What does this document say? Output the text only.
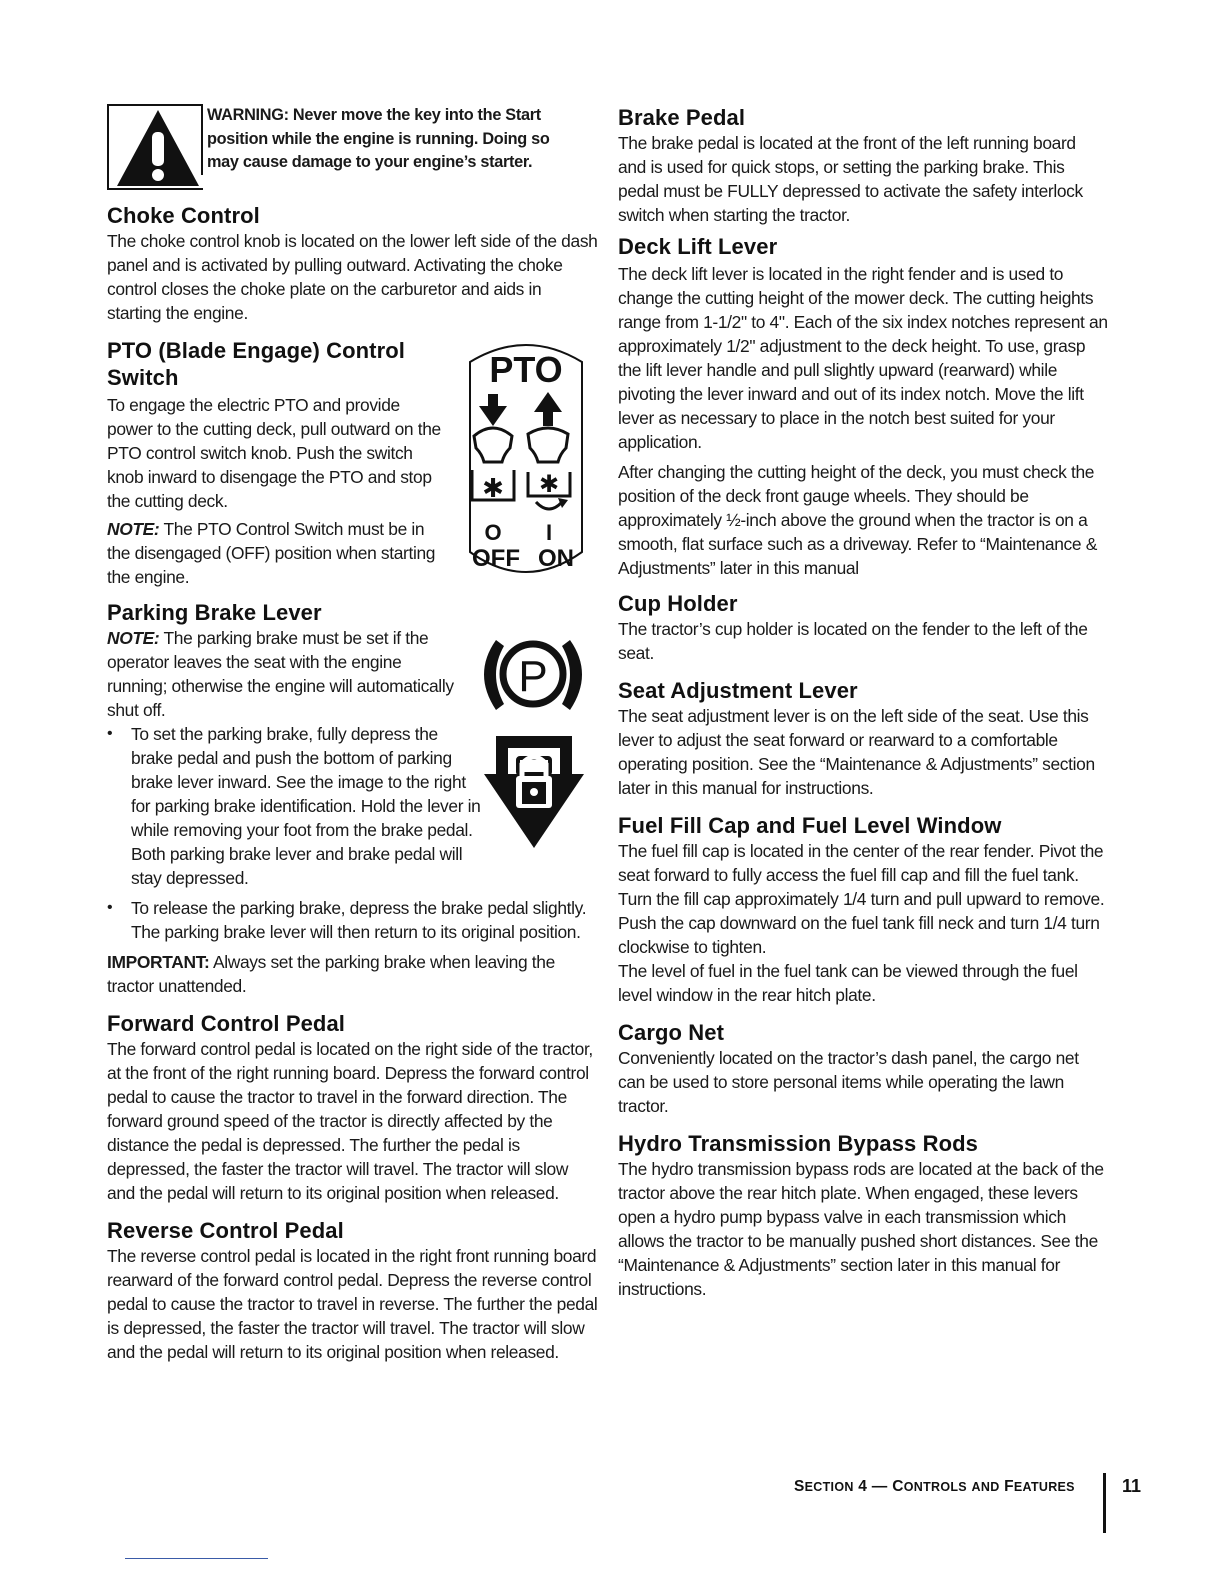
WARNING: Never move the key into the Start
position while the engine is running. Doing so
may cause damage to your engine’s starter.
Choke Control

The choke control knob is located on the lower left side of the dash panel and is activated by pulling outward. Activating the choke control closes the choke plate on the carburetor and aids in starting the engine.

PTO (Blade Engage) Control
Switch

To engage the electric PTO and provide power to the cutting deck, pull outward on the PTO control switch knob. Push the switch knob inward to disengage the PTO and stop the cutting deck.

NOTE: The PTO Control Switch must be in the disengaged (OFF) position when starting the engine.

Parking Brake Lever

NOTE: The parking brake must be set if the operator leaves the seat with the engine running; otherwise the engine will automatically shut off.

• To set the parking brake, fully depress the brake pedal and push the bottom of parking brake lever inward. See the image to the right for parking brake identification. Hold the lever in while removing your foot from the brake pedal. Both parking brake lever and brake pedal will stay depressed.

• To release the parking brake, depress the brake pedal slightly. The parking brake lever will then return to its original position.

IMPORTANT: Always set the parking brake when leaving the tractor unattended.

Forward Control Pedal

The forward control pedal is located on the right side of the tractor, at the front of the right running board. Depress the forward control pedal to cause the tractor to travel in the forward direction. The forward ground speed of the tractor is directly affected by the distance the pedal is depressed. The further the pedal is depressed, the faster the tractor will travel. The tractor will slow and the pedal will return to its original position when released.

Reverse Control Pedal

The reverse control pedal is located in the right front running board rearward of the forward control pedal. Depress the reverse control pedal to cause the tractor to travel in reverse. The further the pedal is depressed, the faster the tractor will travel. The tractor will slow and the pedal will return to its original position when released.

PTO
✱ ✱
O I
OFF ON
P
Brake Pedal

The brake pedal is located at the front of the left running board and is used for quick stops, or setting the parking brake. This pedal must be FULLY depressed to activate the safety interlock switch when starting the tractor.

Deck Lift Lever

The deck lift lever is located in the right fender and is used to change the cutting height of the mower deck. The cutting heights range from 1-1/2" to 4". Each of the six index notches represent an approximately 1/2" adjustment to the deck height. To use, grasp the lift lever handle and pull slightly upward (rearward) while pivoting the lever inward and out of its index notch. Move the lift lever as necessary to place in the notch best suited for your application.

After changing the cutting height of the deck, you must check the position of the deck front gauge wheels. They should be approximately ½-inch above the ground when the tractor is on a smooth, flat surface such as a driveway. Refer to “Maintenance & Adjustments” later in this manual

Cup Holder

The tractor’s cup holder is located on the fender to the left of the seat.

Seat Adjustment Lever

The seat adjustment lever is on the left side of the seat. Use this lever to adjust the seat forward or rearward to a comfortable operating position. See the “Maintenance & Adjustments” section later in this manual for instructions.

Fuel Fill Cap and Fuel Level Window

The fuel fill cap is located in the center of the rear fender. Pivot the seat forward to fully access the fuel fill cap and fill the fuel tank. Turn the fill cap approximately 1/4 turn and pull upward to remove. Push the cap downward on the fuel tank fill neck and turn 1/4 turn clockwise to tighten.

The level of fuel in the fuel tank can be viewed through the fuel level window in the rear hitch plate.

Cargo Net

Conveniently located on the tractor’s dash panel, the cargo net can be used to store personal items while operating the lawn tractor.

Hydro Transmission Bypass Rods

The hydro transmission bypass rods are located at the back of the tractor above the rear hitch plate. When engaged, these levers open a hydro pump bypass valve in each transmission which allows the tractor to be manually pushed short distances. See the “Maintenance & Adjustments” section later in this manual for instructions.

SECTION 4 — CONTROLS AND FEATURES	11
